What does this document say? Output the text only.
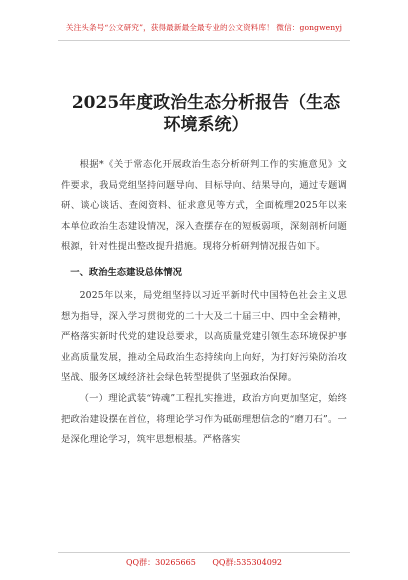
关注头条号“公文研究”，获得最新最全最专业的公文资料库！ 微信：gongwenyj
2025年度政治生态分析报告（生态环境系统）

根据*《关于常态化开展政治生态分析研判工作的实施意见》文件要求，我局党组坚持问题导向、目标导向、结果导向，通过专题调研、谈心谈话、查阅资料、征求意见等方式，全面梳理2025年以来本单位政治生态建设情况，深入查摆存在的短板弱项，深刻剖析问题根源，针对性提出整改提升措施。现将分析研判情况报告如下。

一、政治生态建设总体情况

2025年以来，局党组坚持以习近平新时代中国特色社会主义思想为指导，深入学习贯彻党的二十大及二十届三中、四中全会精神，严格落实新时代党的建设总要求，以高质量党建引领生态环境保护事业高质量发展，推动全局政治生态持续向上向好，为打好污染防治攻坚战、服务区域经济社会绿色转型提供了坚强政治保障。

（一）理论武装“铸魂”工程扎实推进，政治方向更加坚定，始终把政治建设摆在首位，将理论学习作为砥砺理想信念的“磨刀石”。一是深化理论学习，筑牢思想根基。严格落实

QQ群：30265665 QQ群:535304092
